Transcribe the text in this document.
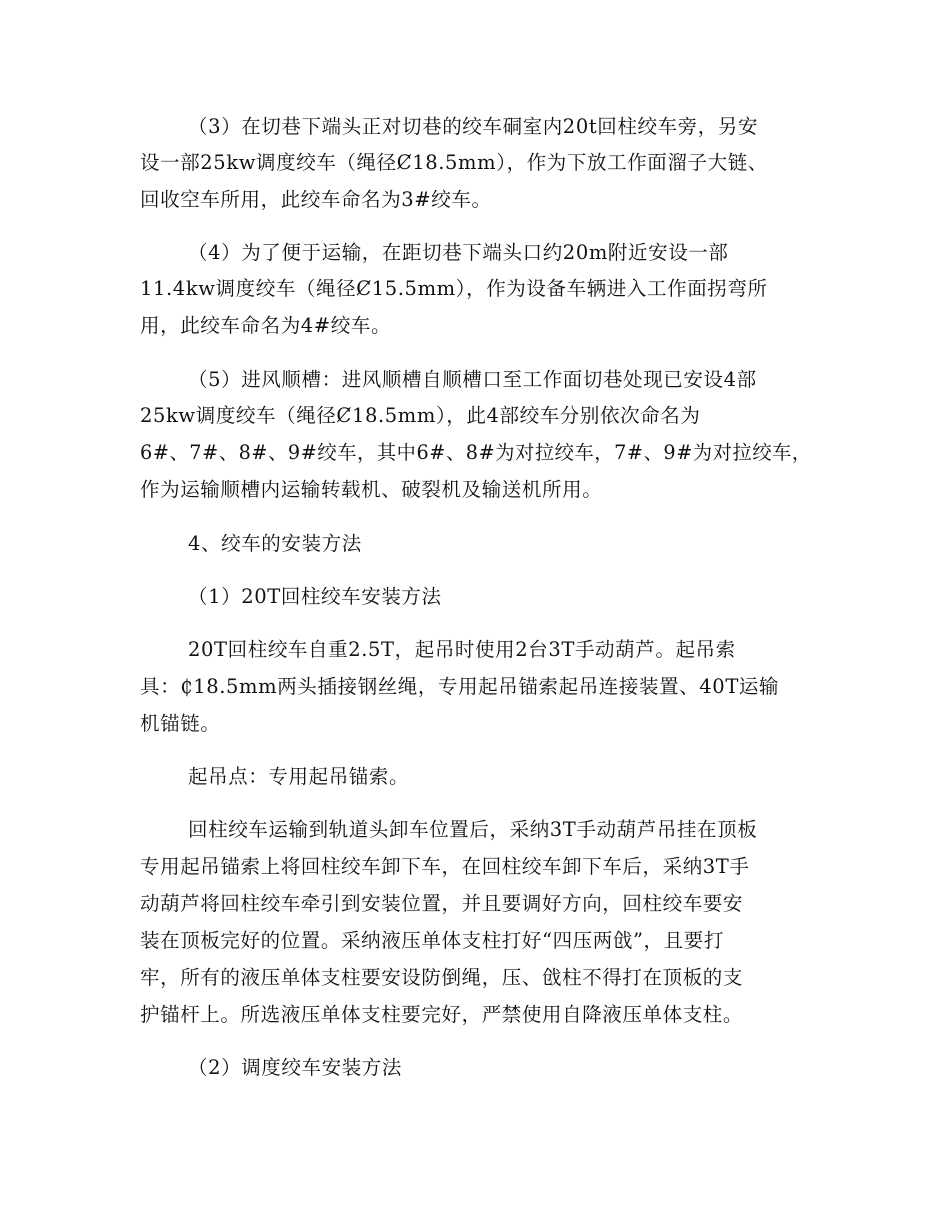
（3）在切巷下端头正对切巷的绞车硐室内20t回柱绞车旁，另安
设一部25kw调度绞车（绳径Ȼ18.5mm），作为下放工作面溜子大链、
回收空车所用，此绞车命名为3#绞车。
（4）为了便于运输，在距切巷下端头口约20m附近安设一部
11.4kw调度绞车（绳径Ȼ15.5mm），作为设备车辆进入工作面拐弯所
用，此绞车命名为4#绞车。
（5）进风顺槽：进风顺槽自顺槽口至工作面切巷处现已安设4部
25kw调度绞车（绳径Ȼ18.5mm），此4部绞车分别依次命名为
6#、7#、8#、9#绞车，其中6#、8#为对拉绞车，7#、9#为对拉绞车，
作为运输顺槽内运输转载机、破裂机及输送机所用。
4、绞车的安装方法
（1）20T回柱绞车安装方法
20T回柱绞车自重2.5T，起吊时使用2台3T手动葫芦。起吊索
具：₵18.5mm两头插接钢丝绳，专用起吊锚索起吊连接装置、40T运输
机锚链。
起吊点：专用起吊锚索。
回柱绞车运输到轨道头卸车位置后，采纳3T手动葫芦吊挂在顶板
专用起吊锚索上将回柱绞车卸下车，在回柱绞车卸下车后，采纳3T手
动葫芦将回柱绞车牵引到安装位置，并且要调好方向，回柱绞车要安
装在顶板完好的位置。采纳液压单体支柱打好“四压两戗”，且要打
牢，所有的液压单体支柱要安设防倒绳，压、戗柱不得打在顶板的支
护锚杆上。所选液压单体支柱要完好，严禁使用自降液压单体支柱。
（2）调度绞车安装方法
